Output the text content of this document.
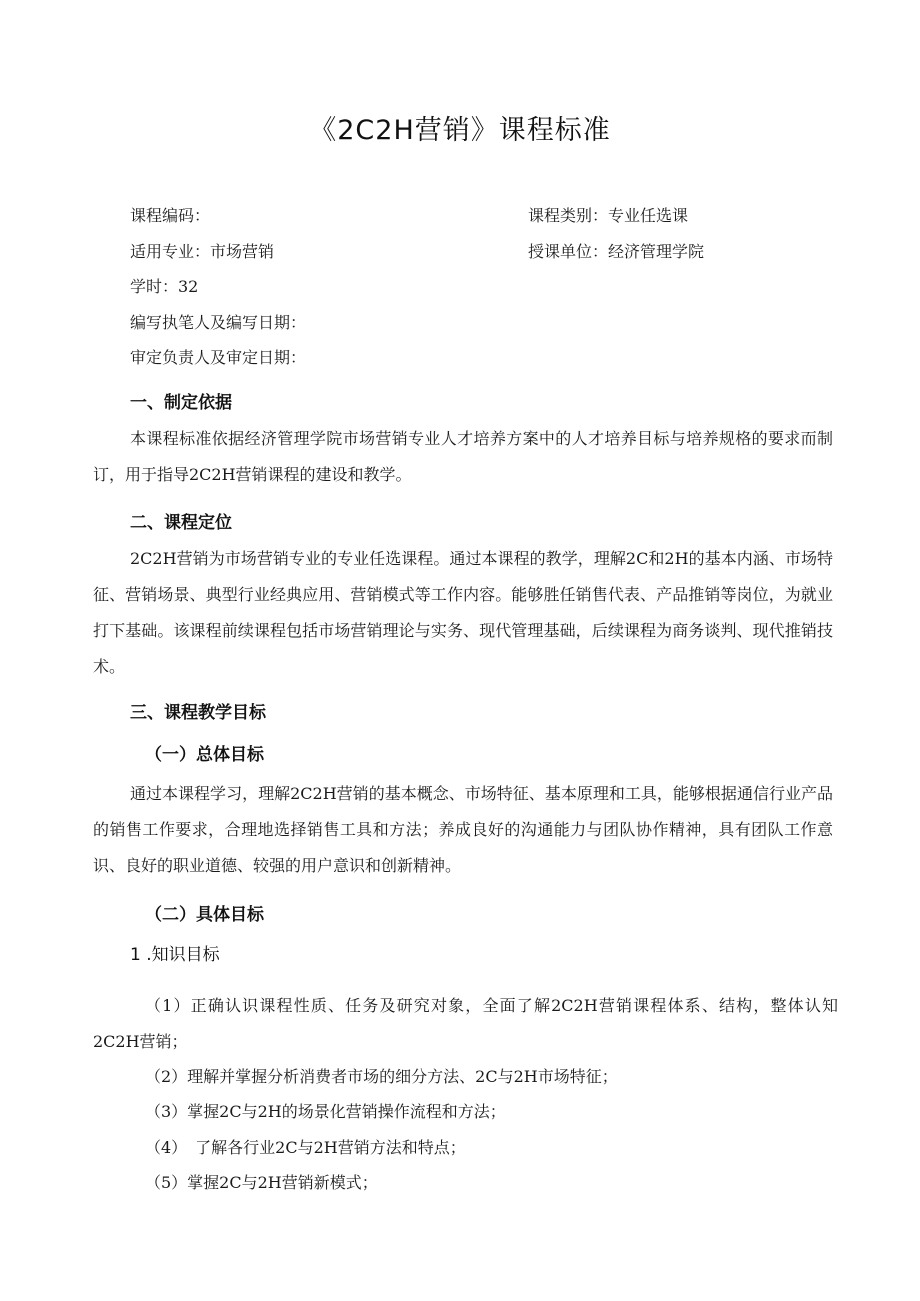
《2C2H营销》课程标准
课程编码：	课程类别：专业任选课
适用专业：市场营销	授课单位：经济管理学院
学时：32
编写执笔人及编写日期：
审定负责人及审定日期：
一、制定依据
本课程标准依据经济管理学院市场营销专业人才培养方案中的人才培养目标与培养规格的要求而制订，用于指导2C2H营销课程的建设和教学。
二、课程定位
2C2H营销为市场营销专业的专业任选课程。通过本课程的教学，理解2C和2H的基本内涵、市场特征、营销场景、典型行业经典应用、营销模式等工作内容。能够胜任销售代表、产品推销等岗位，为就业打下基础。该课程前续课程包括市场营销理论与实务、现代管理基础，后续课程为商务谈判、现代推销技术。
三、课程教学目标
（一）总体目标
通过本课程学习，理解2C2H营销的基本概念、市场特征、基本原理和工具，能够根据通信行业产品的销售工作要求，合理地选择销售工具和方法；养成良好的沟通能力与团队协作精神，具有团队工作意识、良好的职业道德、较强的用户意识和创新精神。
（二）具体目标
1 .知识目标
（1）正确认识课程性质、任务及研究对象，全面了解2C2H营销课程体系、结构，整体认知2C2H营销；
（2）理解并掌握分析消费者市场的细分方法、2C与2H市场特征；
（3）掌握2C与2H的场景化营销操作流程和方法；
（4）　了解各行业2C与2H营销方法和特点；
（5）掌握2C与2H营销新模式；
